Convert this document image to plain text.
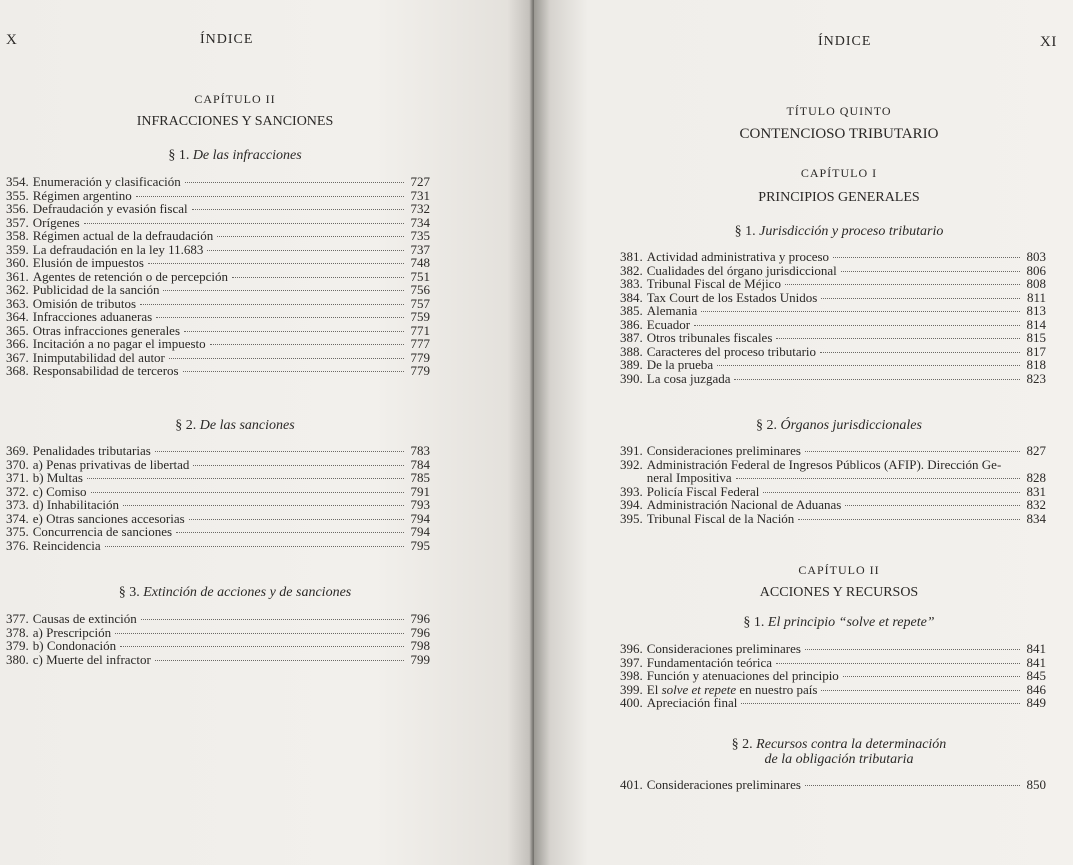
X	ÍNDICE
CAPÍTULO II
INFRACCIONES Y SANCIONES
§ 1. De las infracciones
354. Enumeración y clasificación	727
355. Régimen argentino	731
356. Defraudación y evasión fiscal	732
357. Orígenes	734
358. Régimen actual de la defraudación	735
359. La defraudación en la ley 11.683	737
360. Elusión de impuestos	748
361. Agentes de retención o de percepción	751
362. Publicidad de la sanción	756
363. Omisión de tributos	757
364. Infracciones aduaneras	759
365. Otras infracciones generales	771
366. Incitación a no pagar el impuesto	777
367. Inimputabilidad del autor	779
368. Responsabilidad de terceros	779
§ 2. De las sanciones
369. Penalidades tributarias	783
370. a) Penas privativas de libertad	784
371. b) Multas	785
372. c) Comiso	791
373. d) Inhabilitación	793
374. e) Otras sanciones accesorias	794
375. Concurrencia de sanciones	794
376. Reincidencia	795
§ 3. Extinción de acciones y de sanciones
377. Causas de extinción	796
378. a) Prescripción	796
379. b) Condonación	798
380. c) Muerte del infractor	799
ÍNDICE	XI
TÍTULO QUINTO
CONTENCIOSO TRIBUTARIO
CAPÍTULO I
PRINCIPIOS GENERALES
§ 1. Jurisdicción y proceso tributario
381. Actividad administrativa y proceso	803
382. Cualidades del órgano jurisdiccional	806
383. Tribunal Fiscal de Méjico	808
384. Tax Court de los Estados Unidos	811
385. Alemania	813
386. Ecuador	814
387. Otros tribunales fiscales	815
388. Caracteres del proceso tributario	817
389. De la prueba	818
390. La cosa juzgada	823
§ 2. Órganos jurisdiccionales
391. Consideraciones preliminares	827
392. Administración Federal de Ingresos Públicos (AFIP). Dirección Ge-
neral Impositiva	828
393. Policía Fiscal Federal	831
394. Administración Nacional de Aduanas	832
395. Tribunal Fiscal de la Nación	834
CAPÍTULO II
ACCIONES Y RECURSOS
§ 1. El principio “solve et repete”
396. Consideraciones preliminares	841
397. Fundamentación teórica	841
398. Función y atenuaciones del principio	845
399. El solve et repete en nuestro país	846
400. Apreciación final	849
§ 2. Recursos contra la determinación
de la obligación tributaria
401. Consideraciones preliminares	850
